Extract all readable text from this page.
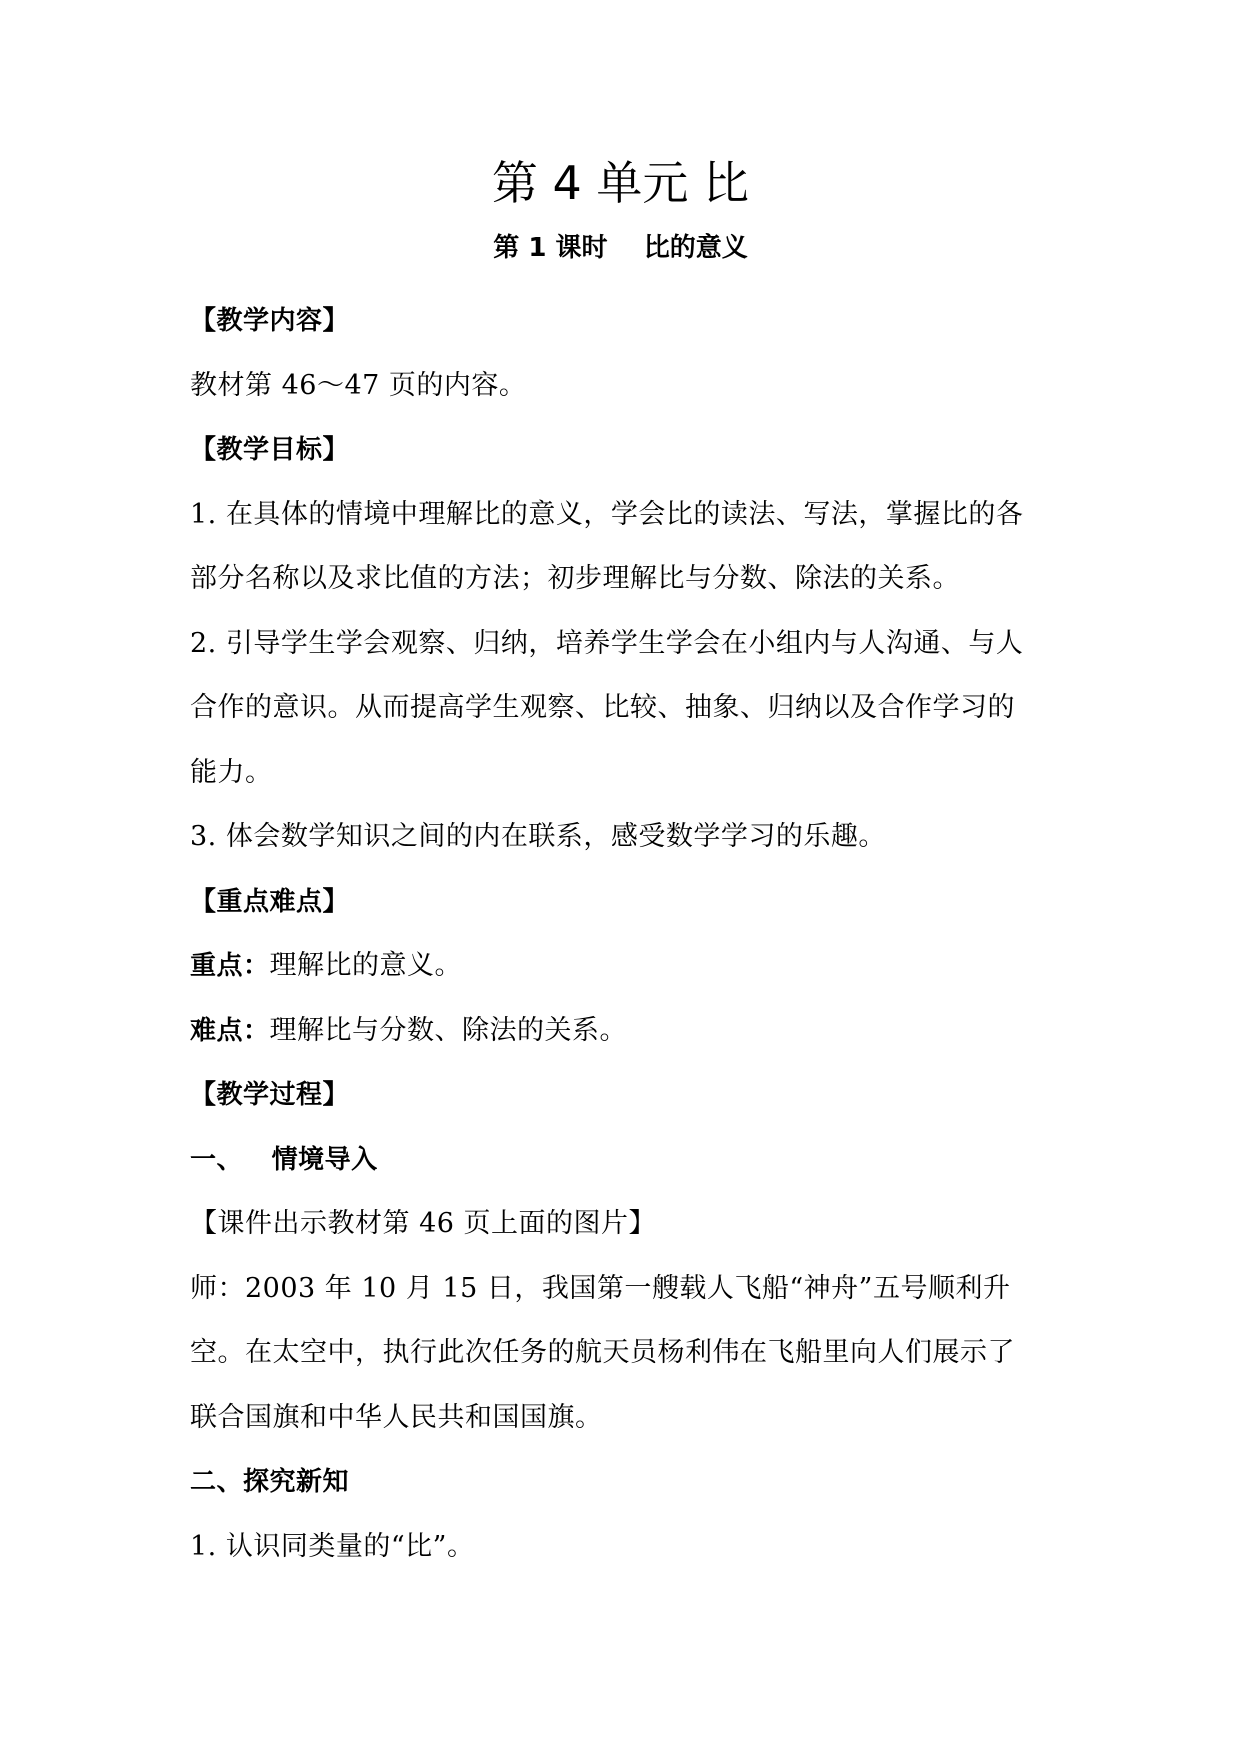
第 4 单元 比
第 1 课时    比的意义
【教学内容】
教材第 46～47 页的内容。
【教学目标】
1. 在具体的情境中理解比的意义，学会比的读法、写法，掌握比的各
部分名称以及求比值的方法；初步理解比与分数、除法的关系。
2. 引导学生学会观察、归纳，培养学生学会在小组内与人沟通、与人
合作的意识。从而提高学生观察、比较、抽象、归纳以及合作学习的
能力。
3. 体会数学知识之间的内在联系，感受数学学习的乐趣。
【重点难点】
重点：理解比的意义。
难点：理解比与分数、除法的关系。
【教学过程】
一、   情境导入
【课件出示教材第 46 页上面的图片】
师：2003 年 10 月 15 日，我国第一艘载人飞船“神舟”五号顺利升
空。在太空中，执行此次任务的航天员杨利伟在飞船里向人们展示了
联合国旗和中华人民共和国国旗。
二、探究新知
1. 认识同类量的“比”。
